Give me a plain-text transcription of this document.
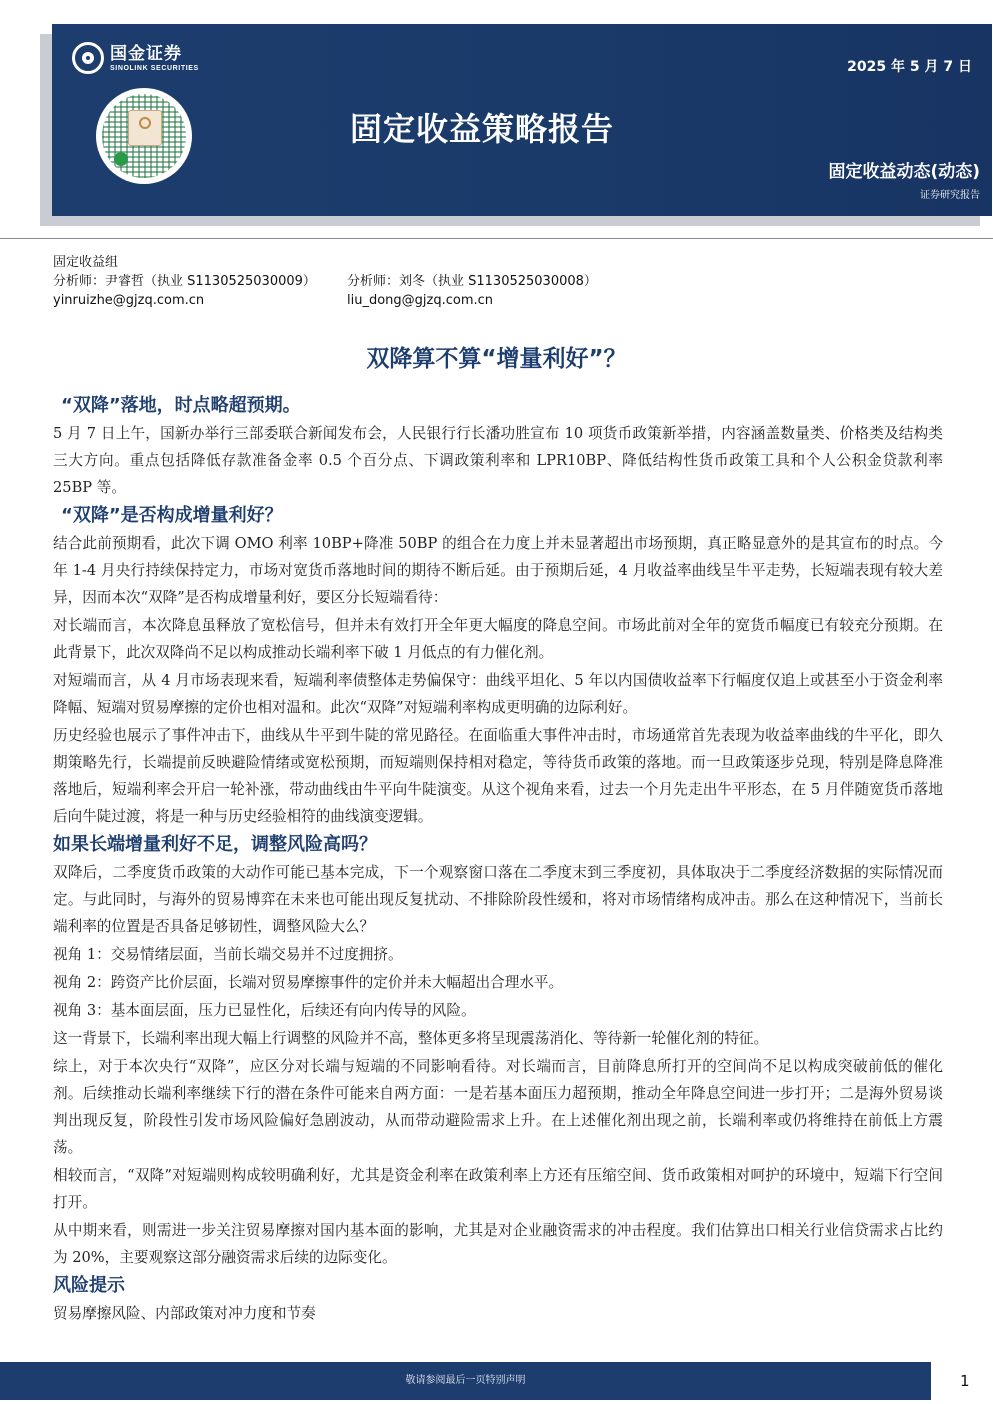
国金证券
SINOLINK SECURITIES	2025 年 5 月 7 日
固定收益策略报告
固定收益动态(动态)
证券研究报告
固定收益组
分析师：尹睿哲（执业 S1130525030009） 分析师：刘冬（执业 S1130525030008）
yinruizhe@gjzq.com.cn	liu_dong@gjzq.com.cn
双降算不算“增量利好”？
“双降”落地，时点略超预期。

5 月 7 日上午，国新办举行三部委联合新闻发布会，人民银行行长潘功胜宣布 10 项货币政策新举措，内容涵盖数量类、价格类及结构类三大方向。重点包括降低存款准备金率 0.5 个百分点、下调政策利率和 LPR10BP、降低结构性货币政策工具和个人公积金贷款利率 25BP 等。

“双降”是否构成增量利好？

结合此前预期看，此次下调 OMO 利率 10BP+降准 50BP 的组合在力度上并未显著超出市场预期，真正略显意外的是其宣布的时点。今年 1-4 月央行持续保持定力，市场对宽货币落地时间的期待不断后延。由于预期后延，4 月收益率曲线呈牛平走势，长短端表现有较大差异，因而本次“双降”是否构成增量利好，要区分长短端看待：

对长端而言，本次降息虽释放了宽松信号，但并未有效打开全年更大幅度的降息空间。市场此前对全年的宽货币幅度已有较充分预期。在此背景下，此次双降尚不足以构成推动长端利率下破 1 月低点的有力催化剂。

对短端而言，从 4 月市场表现来看，短端利率债整体走势偏保守：曲线平坦化、5 年以内国债收益率下行幅度仅追上或甚至小于资金利率降幅、短端对贸易摩擦的定价也相对温和。此次“双降”对短端利率构成更明确的边际利好。

历史经验也展示了事件冲击下，曲线从牛平到牛陡的常见路径。在面临重大事件冲击时，市场通常首先表现为收益率曲线的牛平化，即久期策略先行，长端提前反映避险情绪或宽松预期，而短端则保持相对稳定，等待货币政策的落地。而一旦政策逐步兑现，特别是降息降准落地后，短端利率会开启一轮补涨，带动曲线由牛平向牛陡演变。从这个视角来看，过去一个月先走出牛平形态，在 5 月伴随宽货币落地后向牛陡过渡，将是一种与历史经验相符的曲线演变逻辑。

如果长端增量利好不足，调整风险高吗？

双降后，二季度货币政策的大动作可能已基本完成，下一个观察窗口落在二季度末到三季度初，具体取决于二季度经济数据的实际情况而定。与此同时，与海外的贸易博弈在未来也可能出现反复扰动、不排除阶段性缓和，将对市场情绪构成冲击。那么在这种情况下，当前长端利率的位置是否具备足够韧性，调整风险大么？

视角 1：交易情绪层面，当前长端交易并不过度拥挤。

视角 2：跨资产比价层面，长端对贸易摩擦事件的定价并未大幅超出合理水平。

视角 3：基本面层面，压力已显性化，后续还有向内传导的风险。

这一背景下，长端利率出现大幅上行调整的风险并不高，整体更多将呈现震荡消化、等待新一轮催化剂的特征。

综上，对于本次央行“双降”，应区分对长端与短端的不同影响看待。对长端而言，目前降息所打开的空间尚不足以构成突破前低的催化剂。后续推动长端利率继续下行的潜在条件可能来自两方面：一是若基本面压力超预期，推动全年降息空间进一步打开；二是海外贸易谈判出现反复，阶段性引发市场风险偏好急剧波动，从而带动避险需求上升。在上述催化剂出现之前，长端利率或仍将维持在前低上方震荡。

相较而言，“双降”对短端则构成较明确利好，尤其是资金利率在政策利率上方还有压缩空间、货币政策相对呵护的环境中，短端下行空间打开。

从中期来看，则需进一步关注贸易摩擦对国内基本面的影响，尤其是对企业融资需求的冲击程度。我们估算出口相关行业信贷需求占比约为 20%，主要观察这部分融资需求后续的边际变化。

风险提示

贸易摩擦风险、内部政策对冲力度和节奏

敬请参阅最后一页特别声明	1
